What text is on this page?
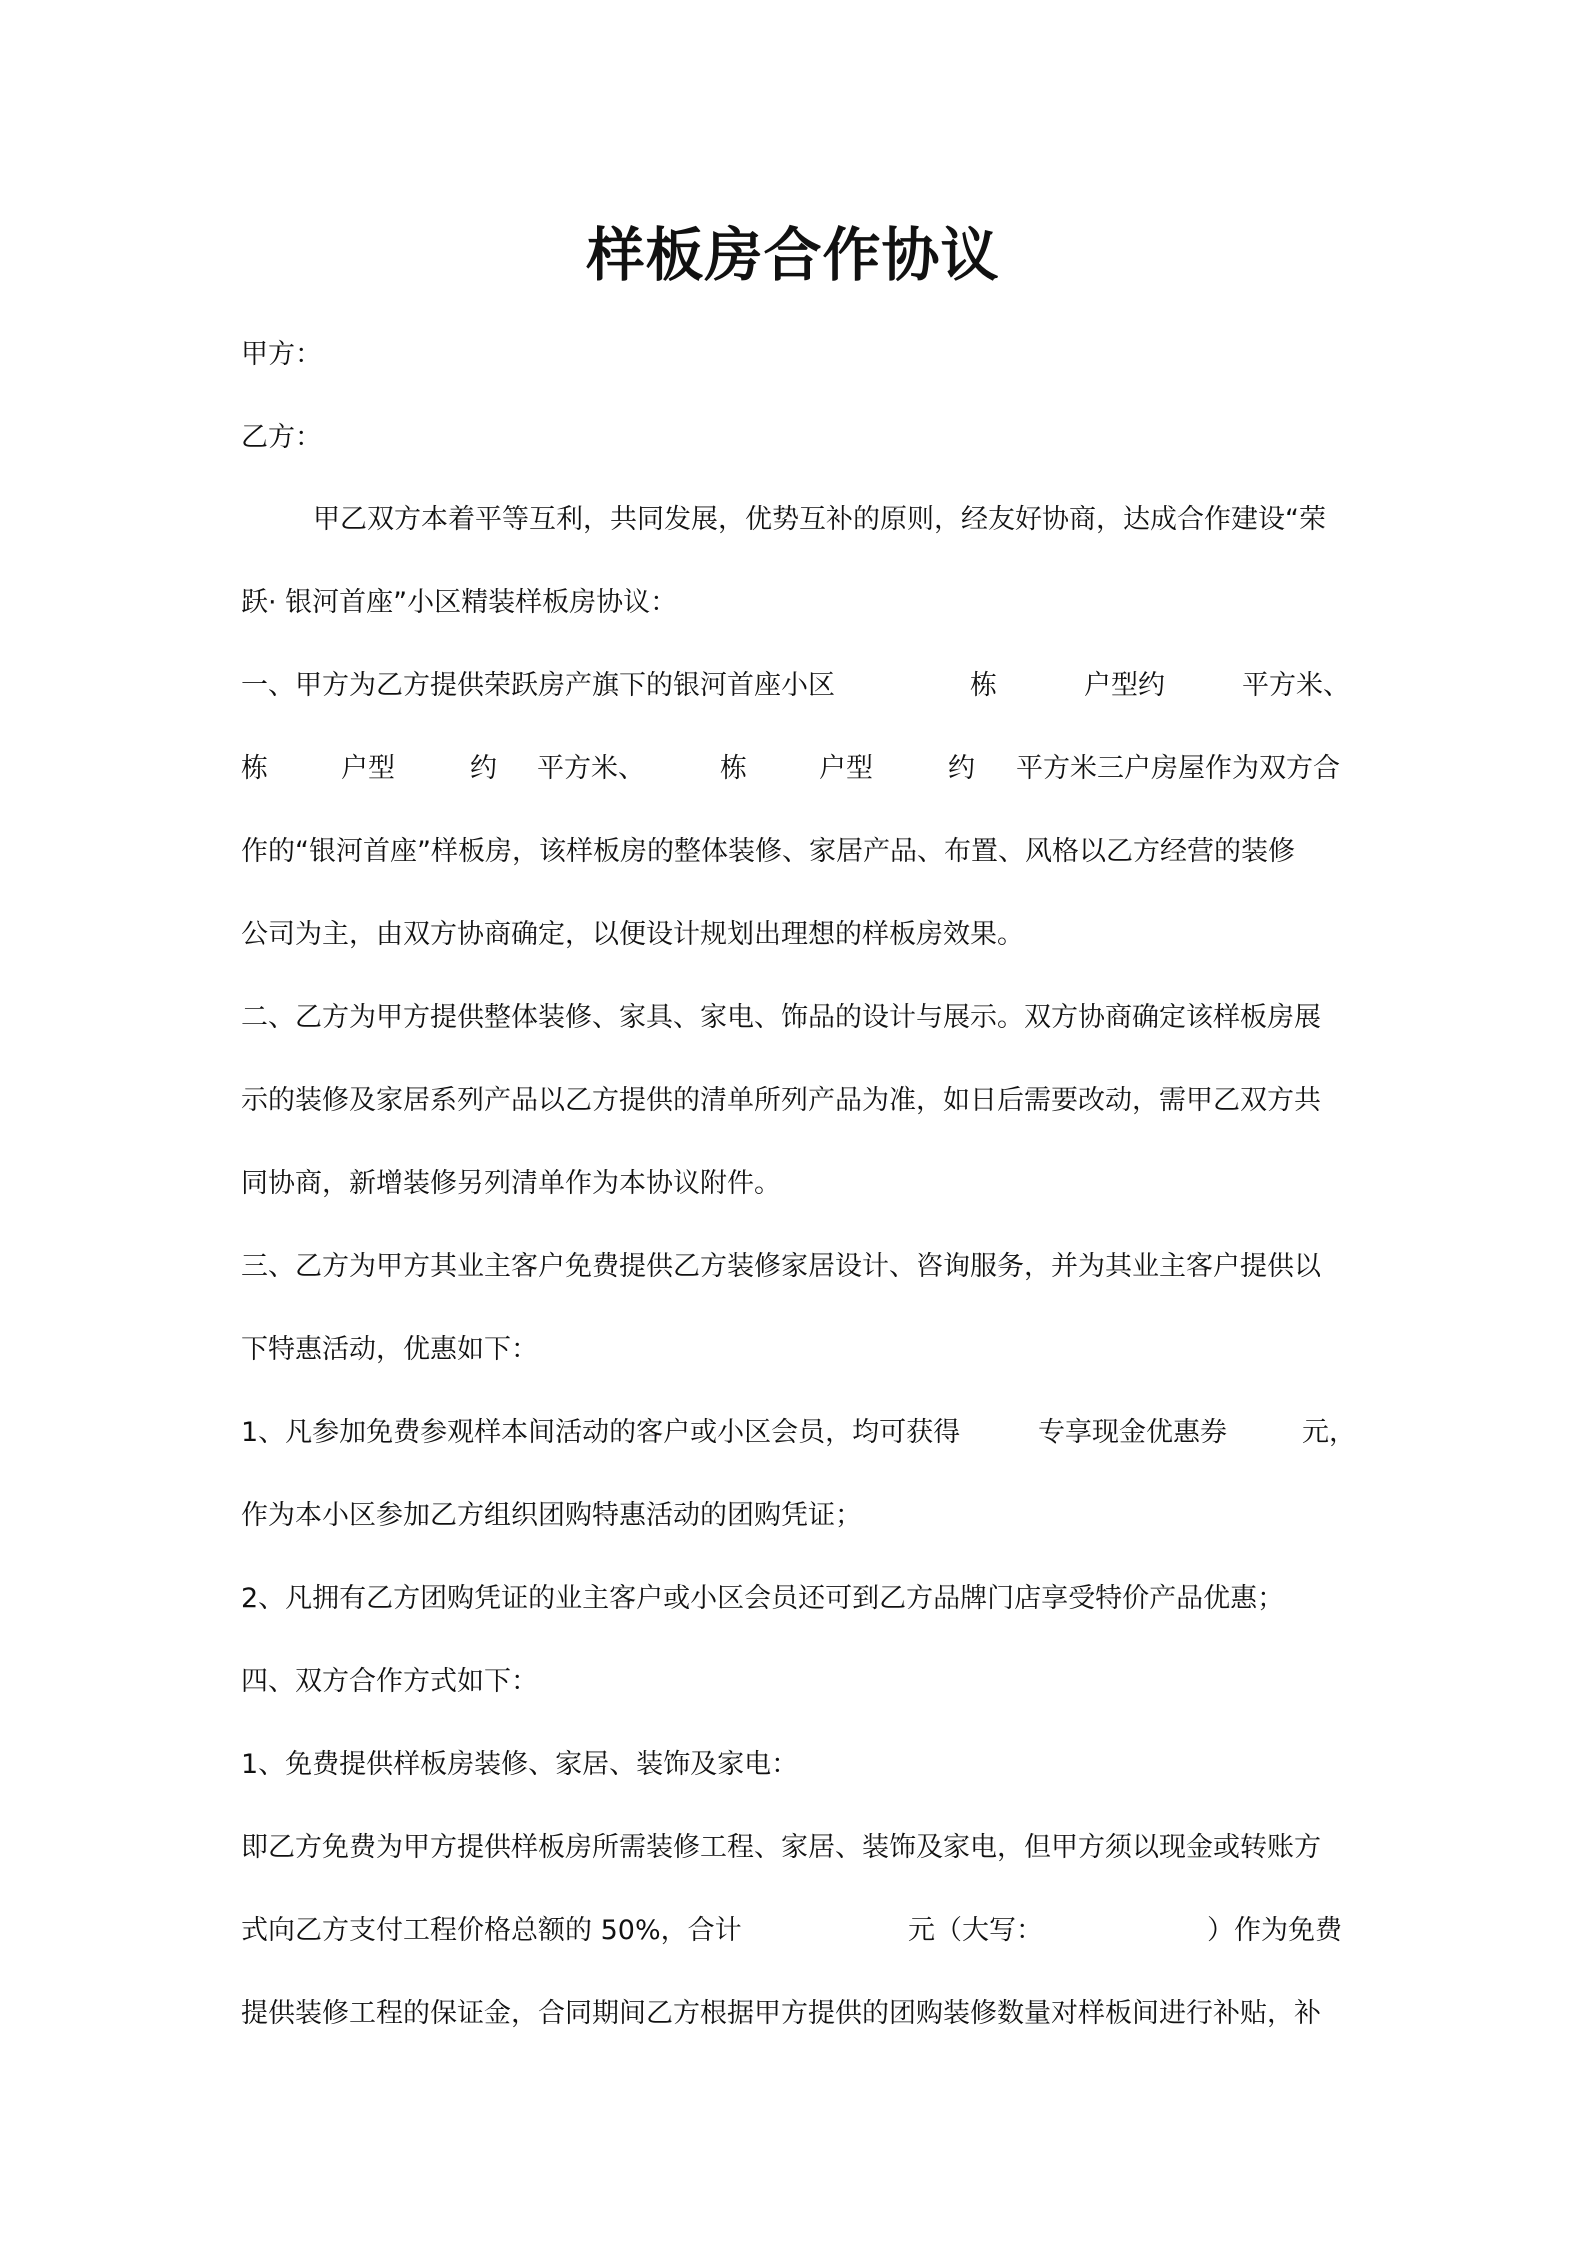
样板房合作协议

甲方：

乙方：

甲乙双方本着平等互利，共同发展，优势互补的原则，经友好协商，达成合作建设“荣

跃· 银河首座”小区精装样板房协议：

一、甲方为乙方提供荣跃房产旗下的银河首座小区	栋	户型约	平方米、
栋	户型	约 平方米、	栋	户型	约 平方米三户房屋作为双方合

作的“银河首座”样板房，该样板房的整体装修、家居产品、布置、风格以乙方经营的装修

公司为主，由双方协商确定，以便设计规划出理想的样板房效果。

二、乙方为甲方提供整体装修、家具、家电、饰品的设计与展示。双方协商确定该样板房展

示的装修及家居系列产品以乙方提供的清单所列产品为准，如日后需要改动，需甲乙双方共

同协商，新增装修另列清单作为本协议附件。

三、乙方为甲方其业主客户免费提供乙方装修家居设计、咨询服务，并为其业主客户提供以

下特惠活动，优惠如下：

1、凡参加免费参观样本间活动的客户或小区会员，均可获得	专享现金优惠券	元，

作为本小区参加乙方组织团购特惠活动的团购凭证；

2、凡拥有乙方团购凭证的业主客户或小区会员还可到乙方品牌门店享受特价产品优惠；

四、双方合作方式如下：

1、免费提供样板房装修、家居、装饰及家电：

即乙方免费为甲方提供样板房所需装修工程、家居、装饰及家电，但甲方须以现金或转账方

式向乙方支付工程价格总额的 50%，合计	元（大写：	）作为免费

提供装修工程的保证金，合同期间乙方根据甲方提供的团购装修数量对样板间进行补贴，补
